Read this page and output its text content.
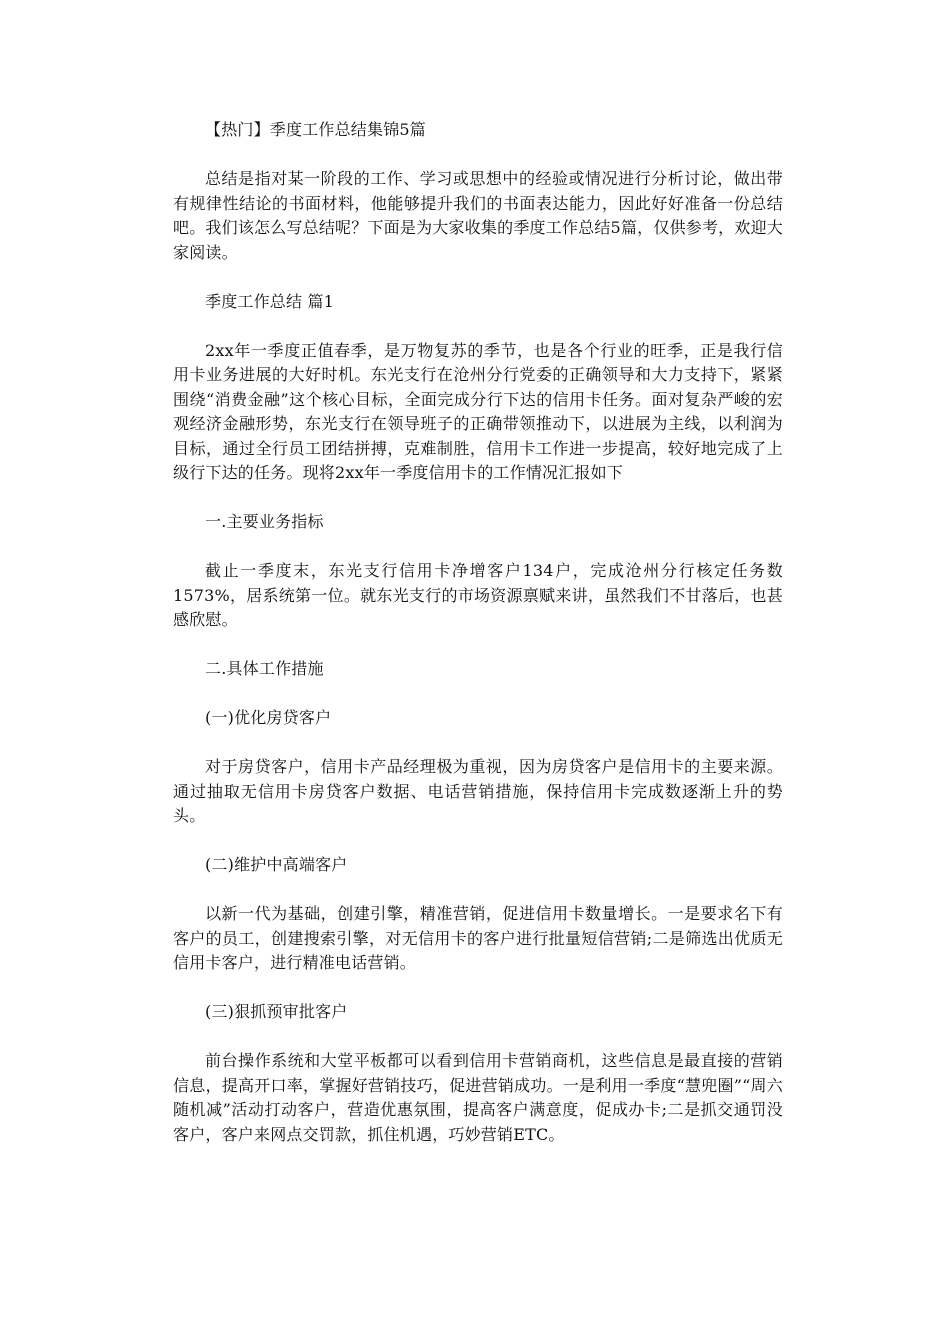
【热门】季度工作总结集锦5篇

总结是指对某一阶段的工作、学习或思想中的经验或情况进行分析讨论，做出带有规律性结论的书面材料，他能够提升我们的书面表达能力，因此好好准备一份总结吧。我们该怎么写总结呢？下面是为大家收集的季度工作总结5篇，仅供参考，欢迎大家阅读。

季度工作总结 篇1

2xx年一季度正值春季，是万物复苏的季节，也是各个行业的旺季，正是我行信用卡业务进展的大好时机。东光支行在沧州分行党委的正确领导和大力支持下，紧紧围绕“消费金融”这个核心目标，全面完成分行下达的信用卡任务。面对复杂严峻的宏观经济金融形势，东光支行在领导班子的正确带领推动下，以进展为主线，以利润为目标，通过全行员工团结拼搏，克难制胜，信用卡工作进一步提高，较好地完成了上级行下达的任务。现将2xx年一季度信用卡的工作情况汇报如下

一.主要业务指标

截止一季度末，东光支行信用卡净增客户134户，完成沧州分行核定任务数1573%，居系统第一位。就东光支行的市场资源禀赋来讲，虽然我们不甘落后，也甚感欣慰。

二.具体工作措施

(一)优化房贷客户

对于房贷客户，信用卡产品经理极为重视，因为房贷客户是信用卡的主要来源。通过抽取无信用卡房贷客户数据、电话营销措施，保持信用卡完成数逐渐上升的势头。

(二)维护中高端客户

以新一代为基础，创建引擎，精准营销，促进信用卡数量增长。一是要求名下有客户的员工，创建搜索引擎，对无信用卡的客户进行批量短信营销;二是筛选出优质无信用卡客户，进行精准电话营销。

(三)狠抓预审批客户

前台操作系统和大堂平板都可以看到信用卡营销商机，这些信息是最直接的营销信息，提高开口率，掌握好营销技巧，促进营销成功。一是利用一季度“慧兜圈”“周六随机减”活动打动客户，营造优惠氛围，提高客户满意度，促成办卡;二是抓交通罚没客户，客户来网点交罚款，抓住机遇，巧妙营销ETC。
